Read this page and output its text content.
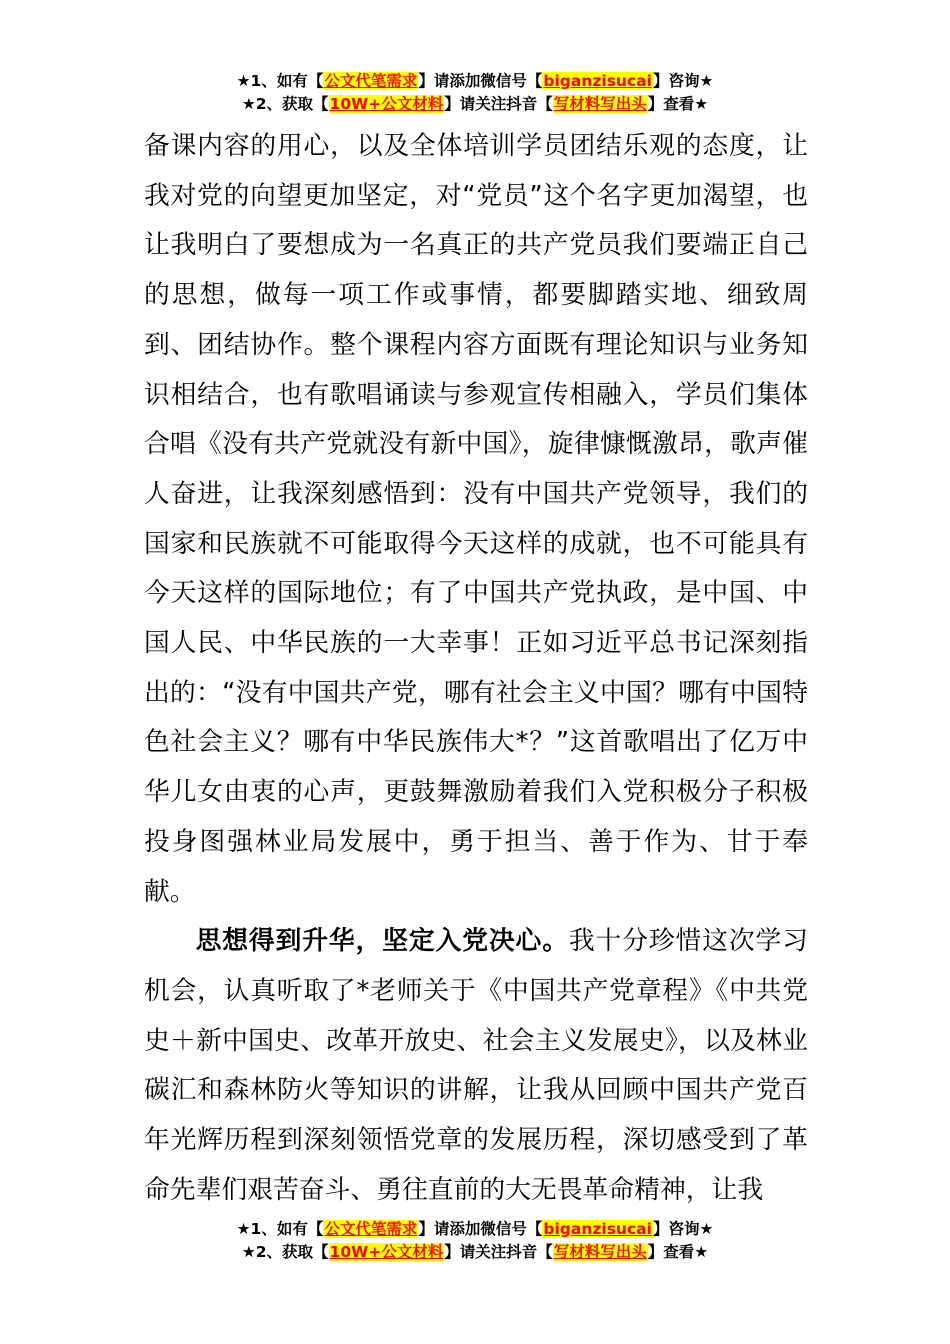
★1、如有【公文代笔需求】请添加微信号【biganzisucai】咨询★
★2、获取【10W+公文材料】请关注抖音【写材料写出头】查看★

备课内容的用心，以及全体培训学员团结乐观的态度，让我对党的向望更加坚定，对“党员”这个名字更加渴望，也让我明白了要想成为一名真正的共产党员我们要端正自己的思想，做每一项工作或事情，都要脚踏实地、细致周到、团结协作。整个课程内容方面既有理论知识与业务知识相结合，也有歌唱诵读与参观宣传相融入，学员们集体合唱《没有共产党就没有新中国》，旋律慷慨激昂，歌声催人奋进，让我深刻感悟到：没有中国共产党领导，我们的国家和民族就不可能取得今天这样的成就，也不可能具有今天这样的国际地位；有了中国共产党执政，是中国、中国人民、中华民族的一大幸事！正如习近平总书记深刻指出的：“没有中国共产党，哪有社会主义中国？哪有中国特色社会主义？哪有中华民族伟大*？”这首歌唱出了亿万中华儿女由衷的心声，更鼓舞激励着我们入党积极分子积极投身图强林业局发展中，勇于担当、善于作为、甘于奉献。

思想得到升华，坚定入党决心。我十分珍惜这次学习机会，认真听取了*老师关于《中国共产党章程》《中共党史＋新中国史、改革开放史、社会主义发展史》，以及林业碳汇和森林防火等知识的讲解，让我从回顾中国共产党百年光辉历程到深刻领悟党章的发展历程，深切感受到了革命先辈们艰苦奋斗、勇往直前的大无畏革命精神，让我

★1、如有【公文代笔需求】请添加微信号【biganzisucai】咨询★
★2、获取【10W+公文材料】请关注抖音【写材料写出头】查看★
